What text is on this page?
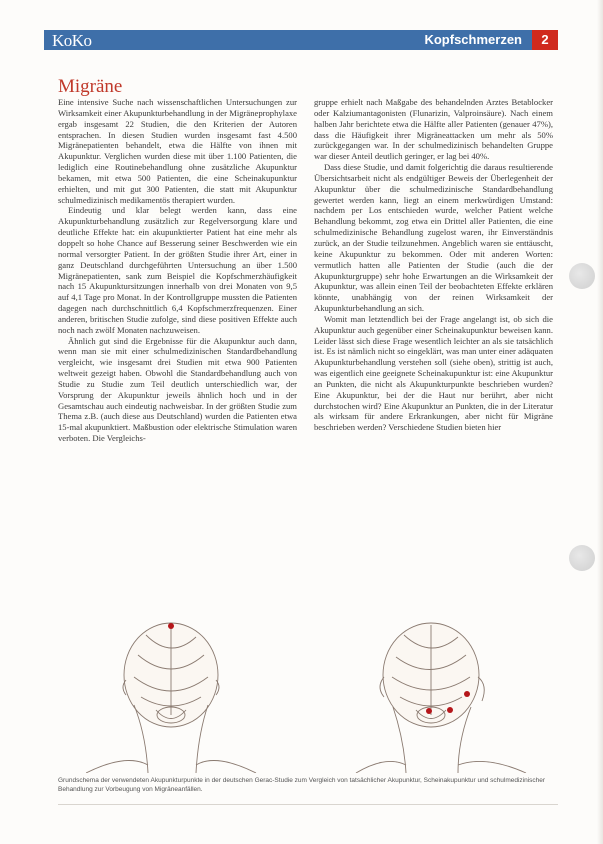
KoKo	Kopfschmerzen	2
Migräne

Eine intensive Suche nach wissenschaftlichen Untersuchungen zur Wirksamkeit einer Akupunkturbehandlung in der Migräneprophylaxe ergab insgesamt 22 Studien, die den Kriterien der Autoren entsprachen. In diesen Studien wurden insgesamt fast 4.500 Migränepatienten behandelt, etwa die Hälfte von ihnen mit Akupunktur. Verglichen wurden diese mit über 1.100 Patienten, die lediglich eine Routinebehandlung ohne zusätzliche Akupunktur bekamen, mit etwa 500 Patienten, die eine Scheinakupunktur erhielten, und mit gut 300 Patienten, die statt mit Akupunktur schulmedizinisch medikamentös therapiert wurden.

Eindeutig und klar belegt werden kann, dass eine Akupunkturbehandlung zusätzlich zur Regelversorgung klare und deutliche Effekte hat: ein akupunktierter Patient hat eine mehr als doppelt so hohe Chance auf Besserung seiner Beschwerden wie ein normal versorgter Patient. In der größten Studie ihrer Art, einer in ganz Deutschland durchgeführten Untersuchung an über 1.500 Migränepatienten, sank zum Beispiel die Kopfschmerzhäufigkeit nach 15 Akupunktursitzungen innerhalb von drei Monaten von 9,5 auf 4,1 Tage pro Monat. In der Kontrollgruppe mussten die Patienten dagegen nach durchschnittlich 6,4 Kopfschmerzfrequenzen. Einer anderen, britischen Studie zufolge, sind diese positiven Effekte auch noch nach zwölf Monaten nachzuweisen.

Ähnlich gut sind die Ergebnisse für die Akupunktur auch dann, wenn man sie mit einer schulmedizinischen Standardbehandlung vergleicht, wie insgesamt drei Studien mit etwa 900 Patienten weltweit gezeigt haben. Obwohl die Standardbehandlung auch von Studie zu Studie zum Teil deutlich unterschiedlich war, der Vorsprung der Akupunktur jeweils ähnlich hoch und in der Gesamtschau auch eindeutig nachweisbar. In der größten Studie zum Thema z.B. (auch diese aus Deutschland) wurden die Patienten etwa 15-mal akupunktiert. Maßbustion oder elektrische Stimulation waren verboten. Die Vergleichs-

gruppe erhielt nach Maßgabe des behandelnden Arztes Betablocker oder Kalziumantagonisten (Flunarizin, Valproinsäure). Nach einem halben Jahr berichtete etwa die Hälfte aller Patienten (genauer 47%), dass die Häufigkeit ihrer Migräneattacken um mehr als 50% zurückgegangen war. In der schulmedizinisch behandelten Gruppe war dieser Anteil deutlich geringer, er lag bei 40%.

Dass diese Studie, und damit folgerichtig die daraus resultierende Übersichtsarbeit nicht als endgültiger Beweis der Überlegenheit der Akupunktur über die schulmedizinische Standardbehandlung gewertet werden kann, liegt an einem merkwürdigen Umstand: nachdem per Los entschieden wurde, welcher Patient welche Behandlung bekommt, zog etwa ein Drittel aller Patienten, die eine schulmedizinische Behandlung zugelost waren, ihr Einverständnis zurück, an der Studie teilzunehmen. Angeblich waren sie enttäuscht, keine Akupunktur zu bekommen. Oder mit anderen Worten: vermutlich hatten alle Patienten der Studie (auch die der Akupunkturgruppe) sehr hohe Erwartungen an die Wirksamkeit der Akupunktur, was allein einen Teil der beobachteten Effekte erklären könnte, unabhängig von der reinen Wirksamkeit der Akupunkturbehandlung an sich.

Womit man letztendlich bei der Frage angelangt ist, ob sich die Akupunktur auch gegenüber einer Scheinakupunktur beweisen kann. Leider lässt sich diese Frage wesentlich leichter an als sie tatsächlich ist. Es ist nämlich nicht so eingeklärt, was man unter einer adäquaten Akupunkturbehandlung verstehen soll (siehe oben), strittig ist auch, was eigentlich eine geeignete Scheinakupunktur ist: eine Akupunktur an Punkten, die nicht als Akupunkturpunkte beschrieben wurden? Eine Akupunktur, bei der die Haut nur berührt, aber nicht durchstochen wird? Eine Akupunktur an Punkten, die in der Literatur als wirksam für andere Erkrankungen, aber nicht für Migräne beschrieben werden? Verschiedene Studien bieten hier

Grundschema der verwendeten Akupunkturpunkte in der deutschen Gerac-Studie zum Vergleich von tatsächlicher Akupunktur, Scheinakupunktur und schulmedizinischer Behandlung zur Vorbeugung von Migräneanfällen.
